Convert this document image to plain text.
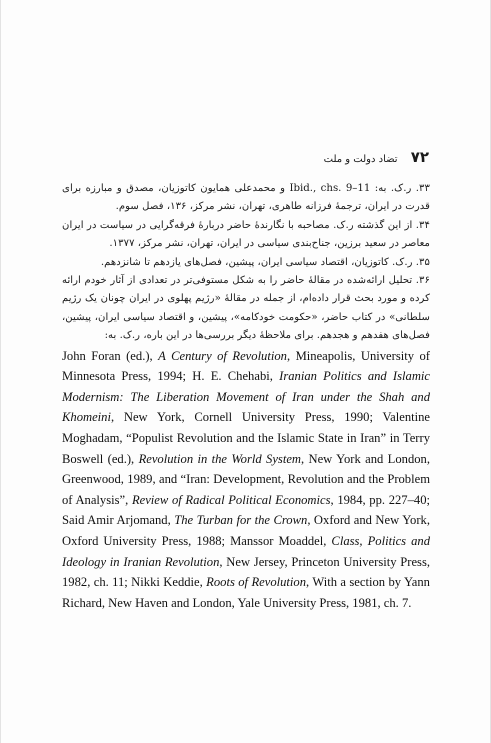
۷۲ تضاد دولت و ملت

۳۳. ر.ک. به: Ibid., chs. 9–11 و محمدعلی همایون کاتوزیان، مصدق و مبارزه برای قدرت در ایران، ترجمهٔ فرزانه طاهری، تهران، نشر مرکز، ۱۳۶، فصل سوم.

۳۴. از این گذشته ر.ک. مصاحبه با نگارندهٔ حاضر دربارهٔ فرقه‌گرایی در سیاست در ایران معاصر در سعید برزین، جناح‌بندی سیاسی در ایران، تهران، نشر مرکز، ۱۳۷۷.

۳۵. ر.ک. کاتوزیان، اقتصاد سیاسی ایران، پیشین، فصل‌های یازدهم تا شانزدهم.

۳۶. تحلیل ارائه‌شده در مقالهٔ حاضر را به شکل مستوفی‌تر در تعدادی از آثار خودم ارائه کرده و مورد بحث قرار داده‌ام، از جمله در مقالهٔ «رژیم پهلوی در ایران چونان یک رژیم سلطانی» در کتاب حاضر، «حکومت خودکامه»، پیشین، و اقتصاد سیاسی ایران، پیشین، فصل‌های هفدهم و هجدهم. برای ملاحظهٔ دیگر بررسی‌ها در این باره، ر.ک. به:

John Foran (ed.), A Century of Revolution, Mineapolis, University of Minnesota Press, 1994; H. E. Chehabi, Iranian Politics and Islamic Modernism: The Liberation Movement of Iran under the Shah and Khomeini, New York, Cornell University Press, 1990; Valentine Moghadam, “Populist Revolution and the Islamic State in Iran” in Terry Boswell (ed.), Revolution in the World System, New York and London, Greenwood, 1989, and “Iran: Development, Revolution and the Problem of Analysis”, Review of Radical Political Economics, 1984, pp. 227–40; Said Amir Arjomand, The Turban for the Crown, Oxford and New York, Oxford University Press, 1988; Manssor Moaddel, Class, Politics and Ideology in Iranian Revolution, New Jersey, Princeton University Press, 1982, ch. 11; Nikki Keddie, Roots of Revolution, With a section by Yann Richard, New Haven and London, Yale University Press, 1981, ch. 7.
